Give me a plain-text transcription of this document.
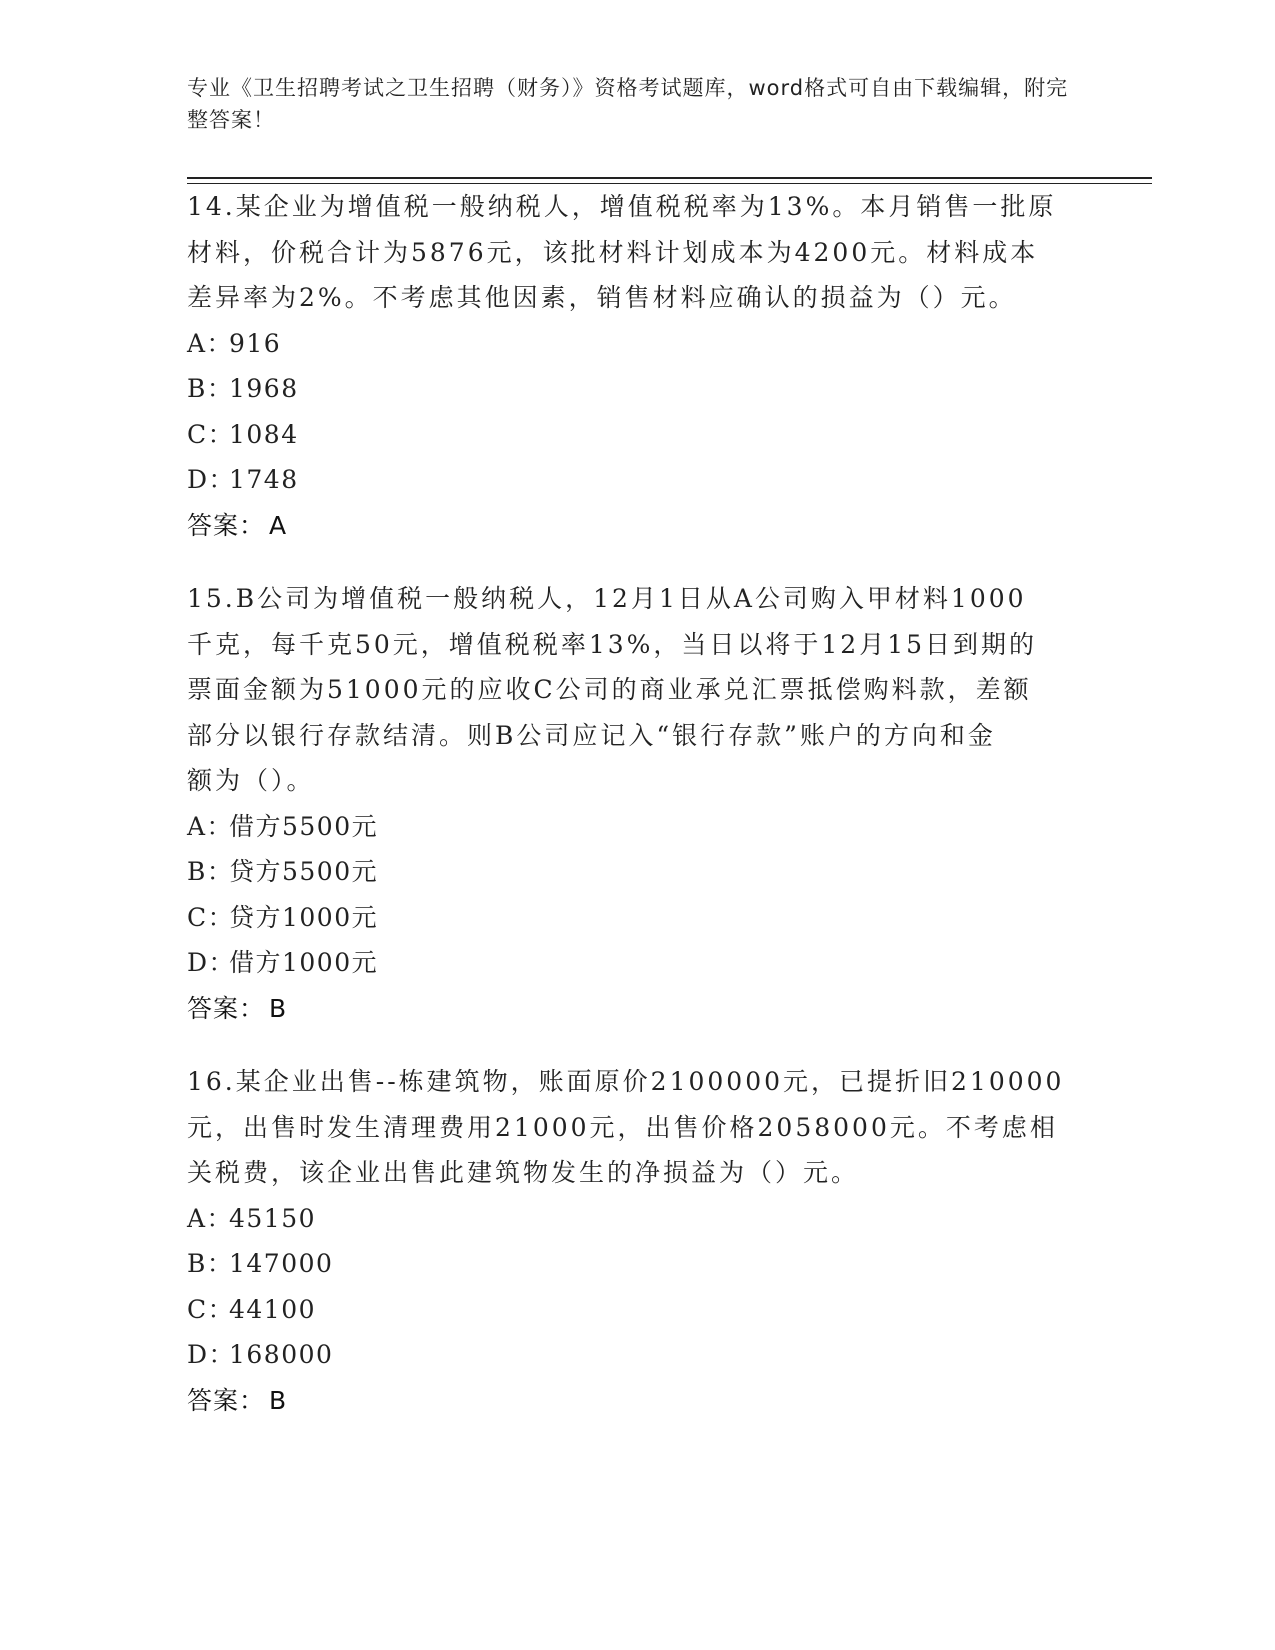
专业《卫生招聘考试之卫生招聘（财务）》资格考试题库，word格式可自由下载编辑，附完整答案！

14.某企业为增值税一般纳税人，增值税税率为13%。本月销售一批原

材料，价税合计为5876元，该批材料计划成本为4200元。材料成本

差异率为2%。不考虑其他因素，销售材料应确认的损益为（）元。

A：916

B：1968

C：1084

D：1748

答案： A

15.B公司为增值税一般纳税人，12月1日从A公司购入甲材料1000

千克，每千克50元，增值税税率13%，当日以将于12月15日到期的

票面金额为51000元的应收C公司的商业承兑汇票抵偿购料款，差额

部分以银行存款结清。则B公司应记入“银行存款”账户的方向和金

额为（）。

A：借方5500元

B：贷方5500元

C：贷方1000元

D：借方1000元

答案： B

16.某企业出售--栋建筑物，账面原价2100000元，已提折旧210000

元，出售时发生清理费用21000元，出售价格2058000元。不考虑相

关税费，该企业出售此建筑物发生的净损益为（）元。

A：45150

B：147000

C：44100

D：168000

答案： B
